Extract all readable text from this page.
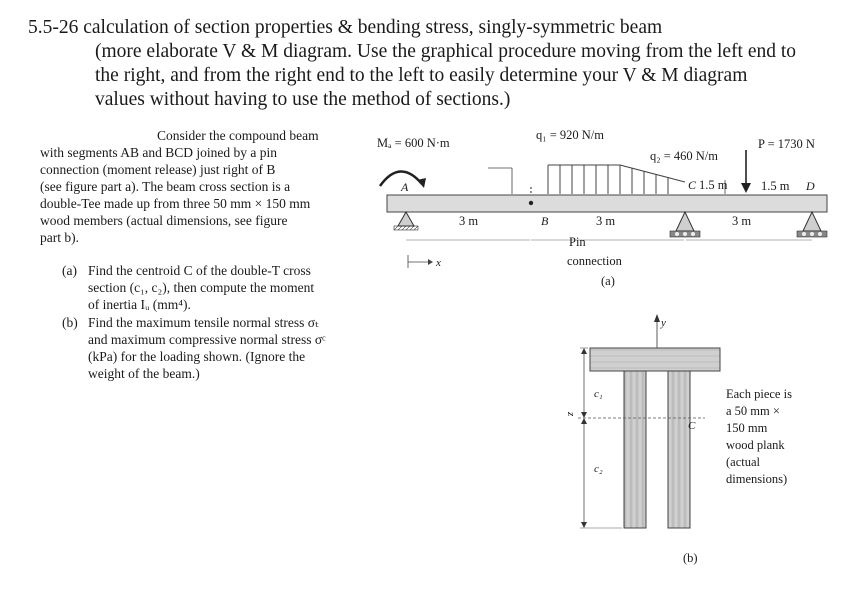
5.5-26 calculation of section properties & bending stress, singly-symmetric beam
(more elaborate V & M diagram. Use the graphical procedure moving from the left end to
the right, and from the right end to the left to easily determine your V & M diagram
values without having to use the method of sections.)
Consider the compound beam
with segments AB and BCD joined by a pin
connection (moment release) just right of B
(see figure part a). The beam cross section is a
double-Tee made up from three 50 mm × 150 mm
wood members (actual dimensions, see figure
part b).
(a) Find the centroid C of the double-T cross
section (c₁, c₂), then compute the moment
of inertia Iᵤ (mm⁴).
(b) Find the maximum tensile normal stress σₜ
and maximum compressive normal stress σᶜ
(kPa) for the loading shown. (Ignore the
weight of the beam.)
Mₐ = 600 N·m
q₁ = 920 N/m
q₂ = 460 N/m
P = 1730 N
A
B
C	D
1.5 m	1.5 m
3 m	3 m	3 m
Pin
connection
(a)
x
y
z
C
c₁
c₂
Each piece is
a 50 mm ×
150 mm
wood plank
(actual
dimensions)
(b)
